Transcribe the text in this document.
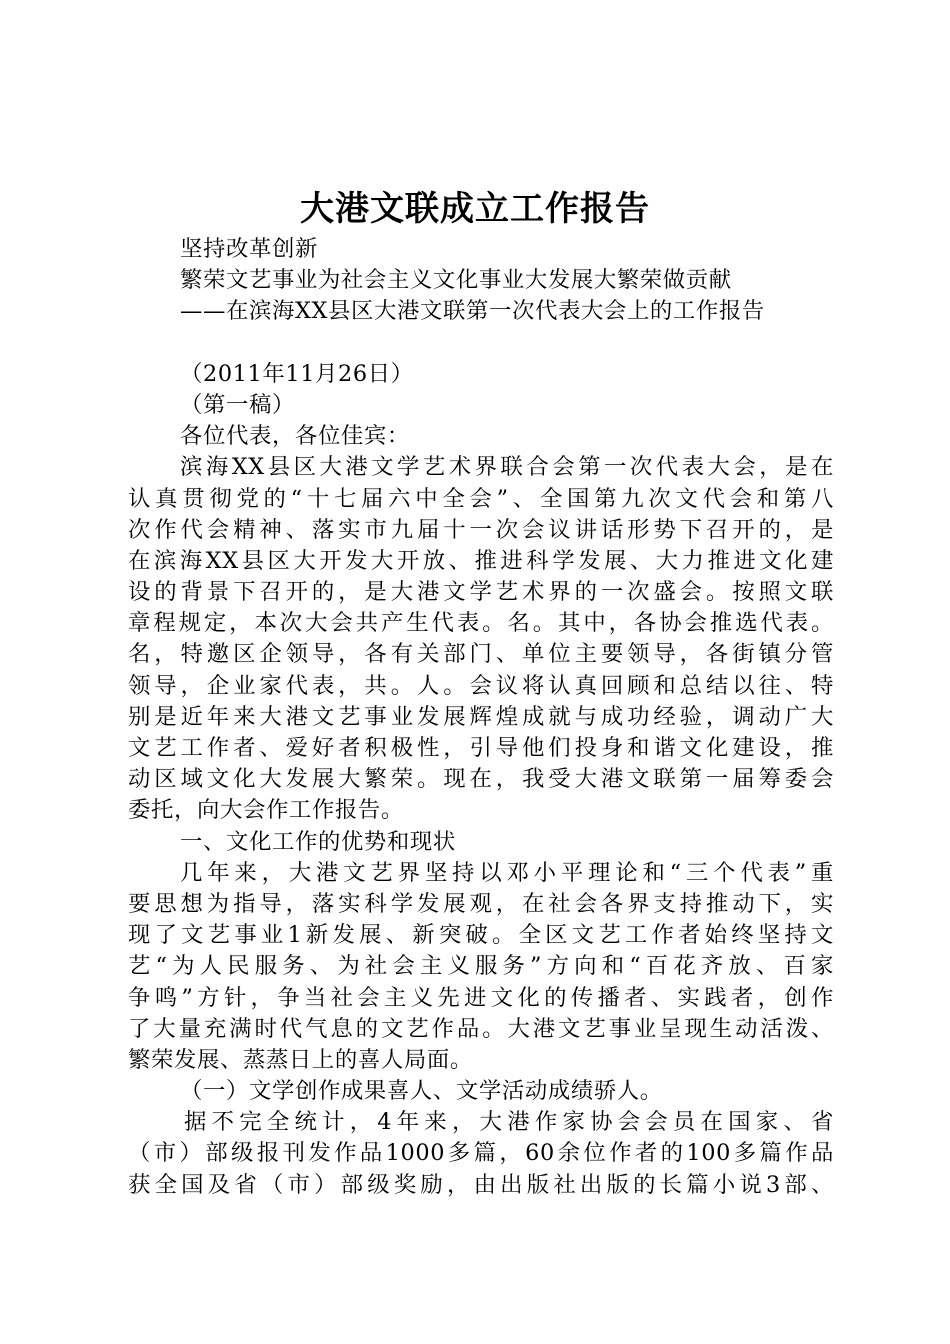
大港文联成立工作报告
坚持改革创新
繁荣文艺事业为社会主义文化事业大发展大繁荣做贡献
——在滨海XX县区大港文联第一次代表大会上的工作报告
（2011年11月26日）
（第一稿）
各位代表，各位佳宾：
滨海XX县区大港文学艺术界联合会第一次代表大会，是在
认真贯彻党的“十七届六中全会”、全国第九次文代会和第八
次作代会精神、落实市九届十一次会议讲话形势下召开的，是
在滨海XX县区大开发大开放、推进科学发展、大力推进文化建
设的背景下召开的，是大港文学艺术界的一次盛会。按照文联
章程规定，本次大会共产生代表。名。其中，各协会推选代表。
名，特邀区企领导，各有关部门、单位主要领导，各街镇分管
领导，企业家代表，共。人。会议将认真回顾和总结以往、特
别是近年来大港文艺事业发展辉煌成就与成功经验，调动广大
文艺工作者、爱好者积极性，引导他们投身和谐文化建设，推
动区域文化大发展大繁荣。现在，我受大港文联第一届筹委会
委托，向大会作工作报告。
一、文化工作的优势和现状
几年来，大港文艺界坚持以邓小平理论和“三个代表”重
要思想为指导，落实科学发展观，在社会各界支持推动下，实
现了文艺事业1新发展、新突破。全区文艺工作者始终坚持文
艺“为人民服务、为社会主义服务”方向和“百花齐放、百家
争鸣”方针，争当社会主义先进文化的传播者、实践者，创作
了大量充满时代气息的文艺作品。大港文艺事业呈现生动活泼、
繁荣发展、蒸蒸日上的喜人局面。
（一）文学创作成果喜人、文学活动成绩骄人。
据不完全统计，4年来，大港作家协会会员在国家、省
（市）部级报刊发作品1000多篇，60余位作者的100多篇作品
获全国及省（市）部级奖励，由出版社出版的长篇小说3部、
